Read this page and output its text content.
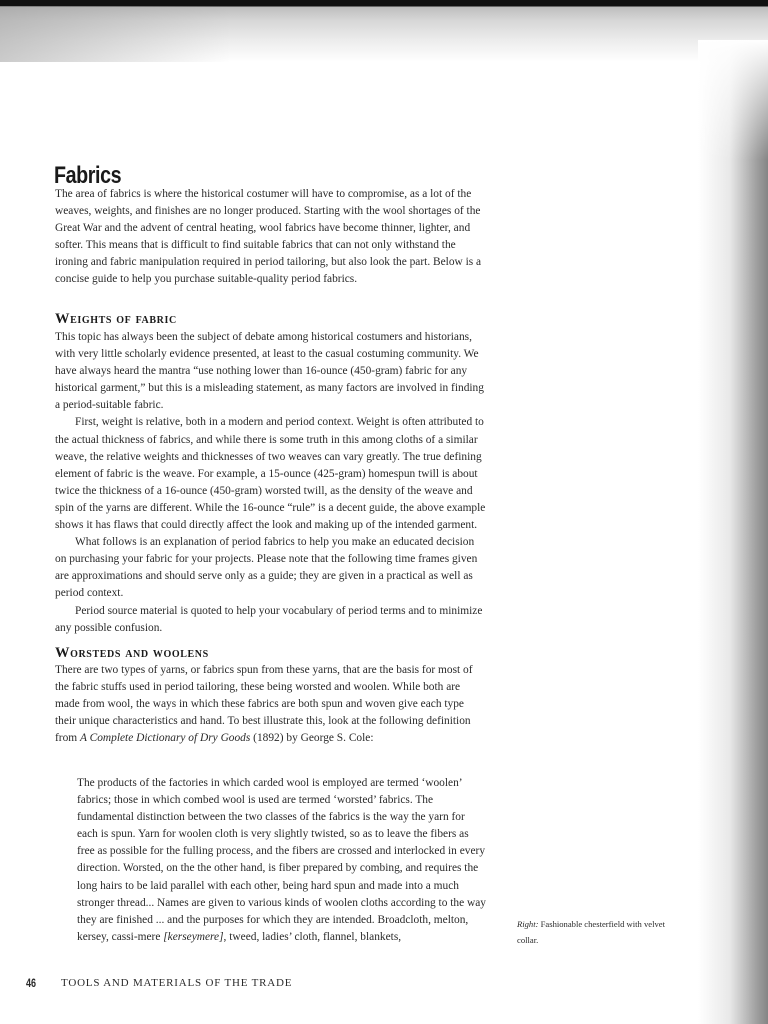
Fabrics

The area of fabrics is where the historical costumer will have to compromise, as a lot of the weaves, weights, and finishes are no longer produced. Starting with the wool shortages of the Great War and the advent of central heating, wool fabrics have become thinner, lighter, and softer. This means that is difficult to find suitable fabrics that can not only withstand the ironing and fabric manipulation required in period tailoring, but also look the part. Below is a concise guide to help you purchase suitable-quality period fabrics.

Weights of fabric

This topic has always been the subject of debate among historical costumers and historians, with very little scholarly evidence presented, at least to the casual costuming community. We have always heard the mantra “use nothing lower than 16-ounce (450-gram) fabric for any historical garment,” but this is a misleading statement, as many factors are involved in finding a period-suitable fabric.

First, weight is relative, both in a modern and period context. Weight is often attributed to the actual thickness of fabrics, and while there is some truth in this among cloths of a similar weave, the relative weights and thicknesses of two weaves can vary greatly. The true defining element of fabric is the weave. For example, a 15-ounce (425-gram) homespun twill is about twice the thickness of a 16-ounce (450-gram) worsted twill, as the density of the weave and spin of the yarns are different. While the 16-ounce “rule” is a decent guide, the above example shows it has flaws that could directly affect the look and making up of the intended garment.

What follows is an explanation of period fabrics to help you make an educated decision on purchasing your fabric for your projects. Please note that the following time frames given are approximations and should serve only as a guide; they are given in a practical as well as period context.

Period source material is quoted to help your vocabulary of period terms and to minimize any possible confusion.

Worsteds and woolens

There are two types of yarns, or fabrics spun from these yarns, that are the basis for most of the fabric stuffs used in period tailoring, these being worsted and woolen. While both are made from wool, the ways in which these fabrics are both spun and woven give each type their unique characteristics and hand. To best illustrate this, look at the following definition from A Complete Dictionary of Dry Goods (1892) by George S. Cole:

The products of the factories in which carded wool is employed are termed ‘woolen’ fabrics; those in which combed wool is used are termed ‘worsted’ fabrics. The fundamental distinction between the two classes of the fabrics is the way the yarn for each is spun. Yarn for woolen cloth is very slightly twisted, so as to leave the fibers as free as possible for the fulling process, and the fibers are crossed and interlocked in every direction. Worsted, on the the other hand, is fiber prepared by combing, and requires the long hairs to be laid parallel with each other, being hard spun and made into a much stronger thread... Names are given to various kinds of woolen cloths according to the way they are finished ... and the purposes for which they are intended. Broadcloth, melton, kersey, cassi-mere [kerseymere], tweed, ladies’ cloth, flannel, blankets,

Right: Fashionable chesterfield with velvet collar.
46 TOOLS AND MATERIALS OF THE TRADE
